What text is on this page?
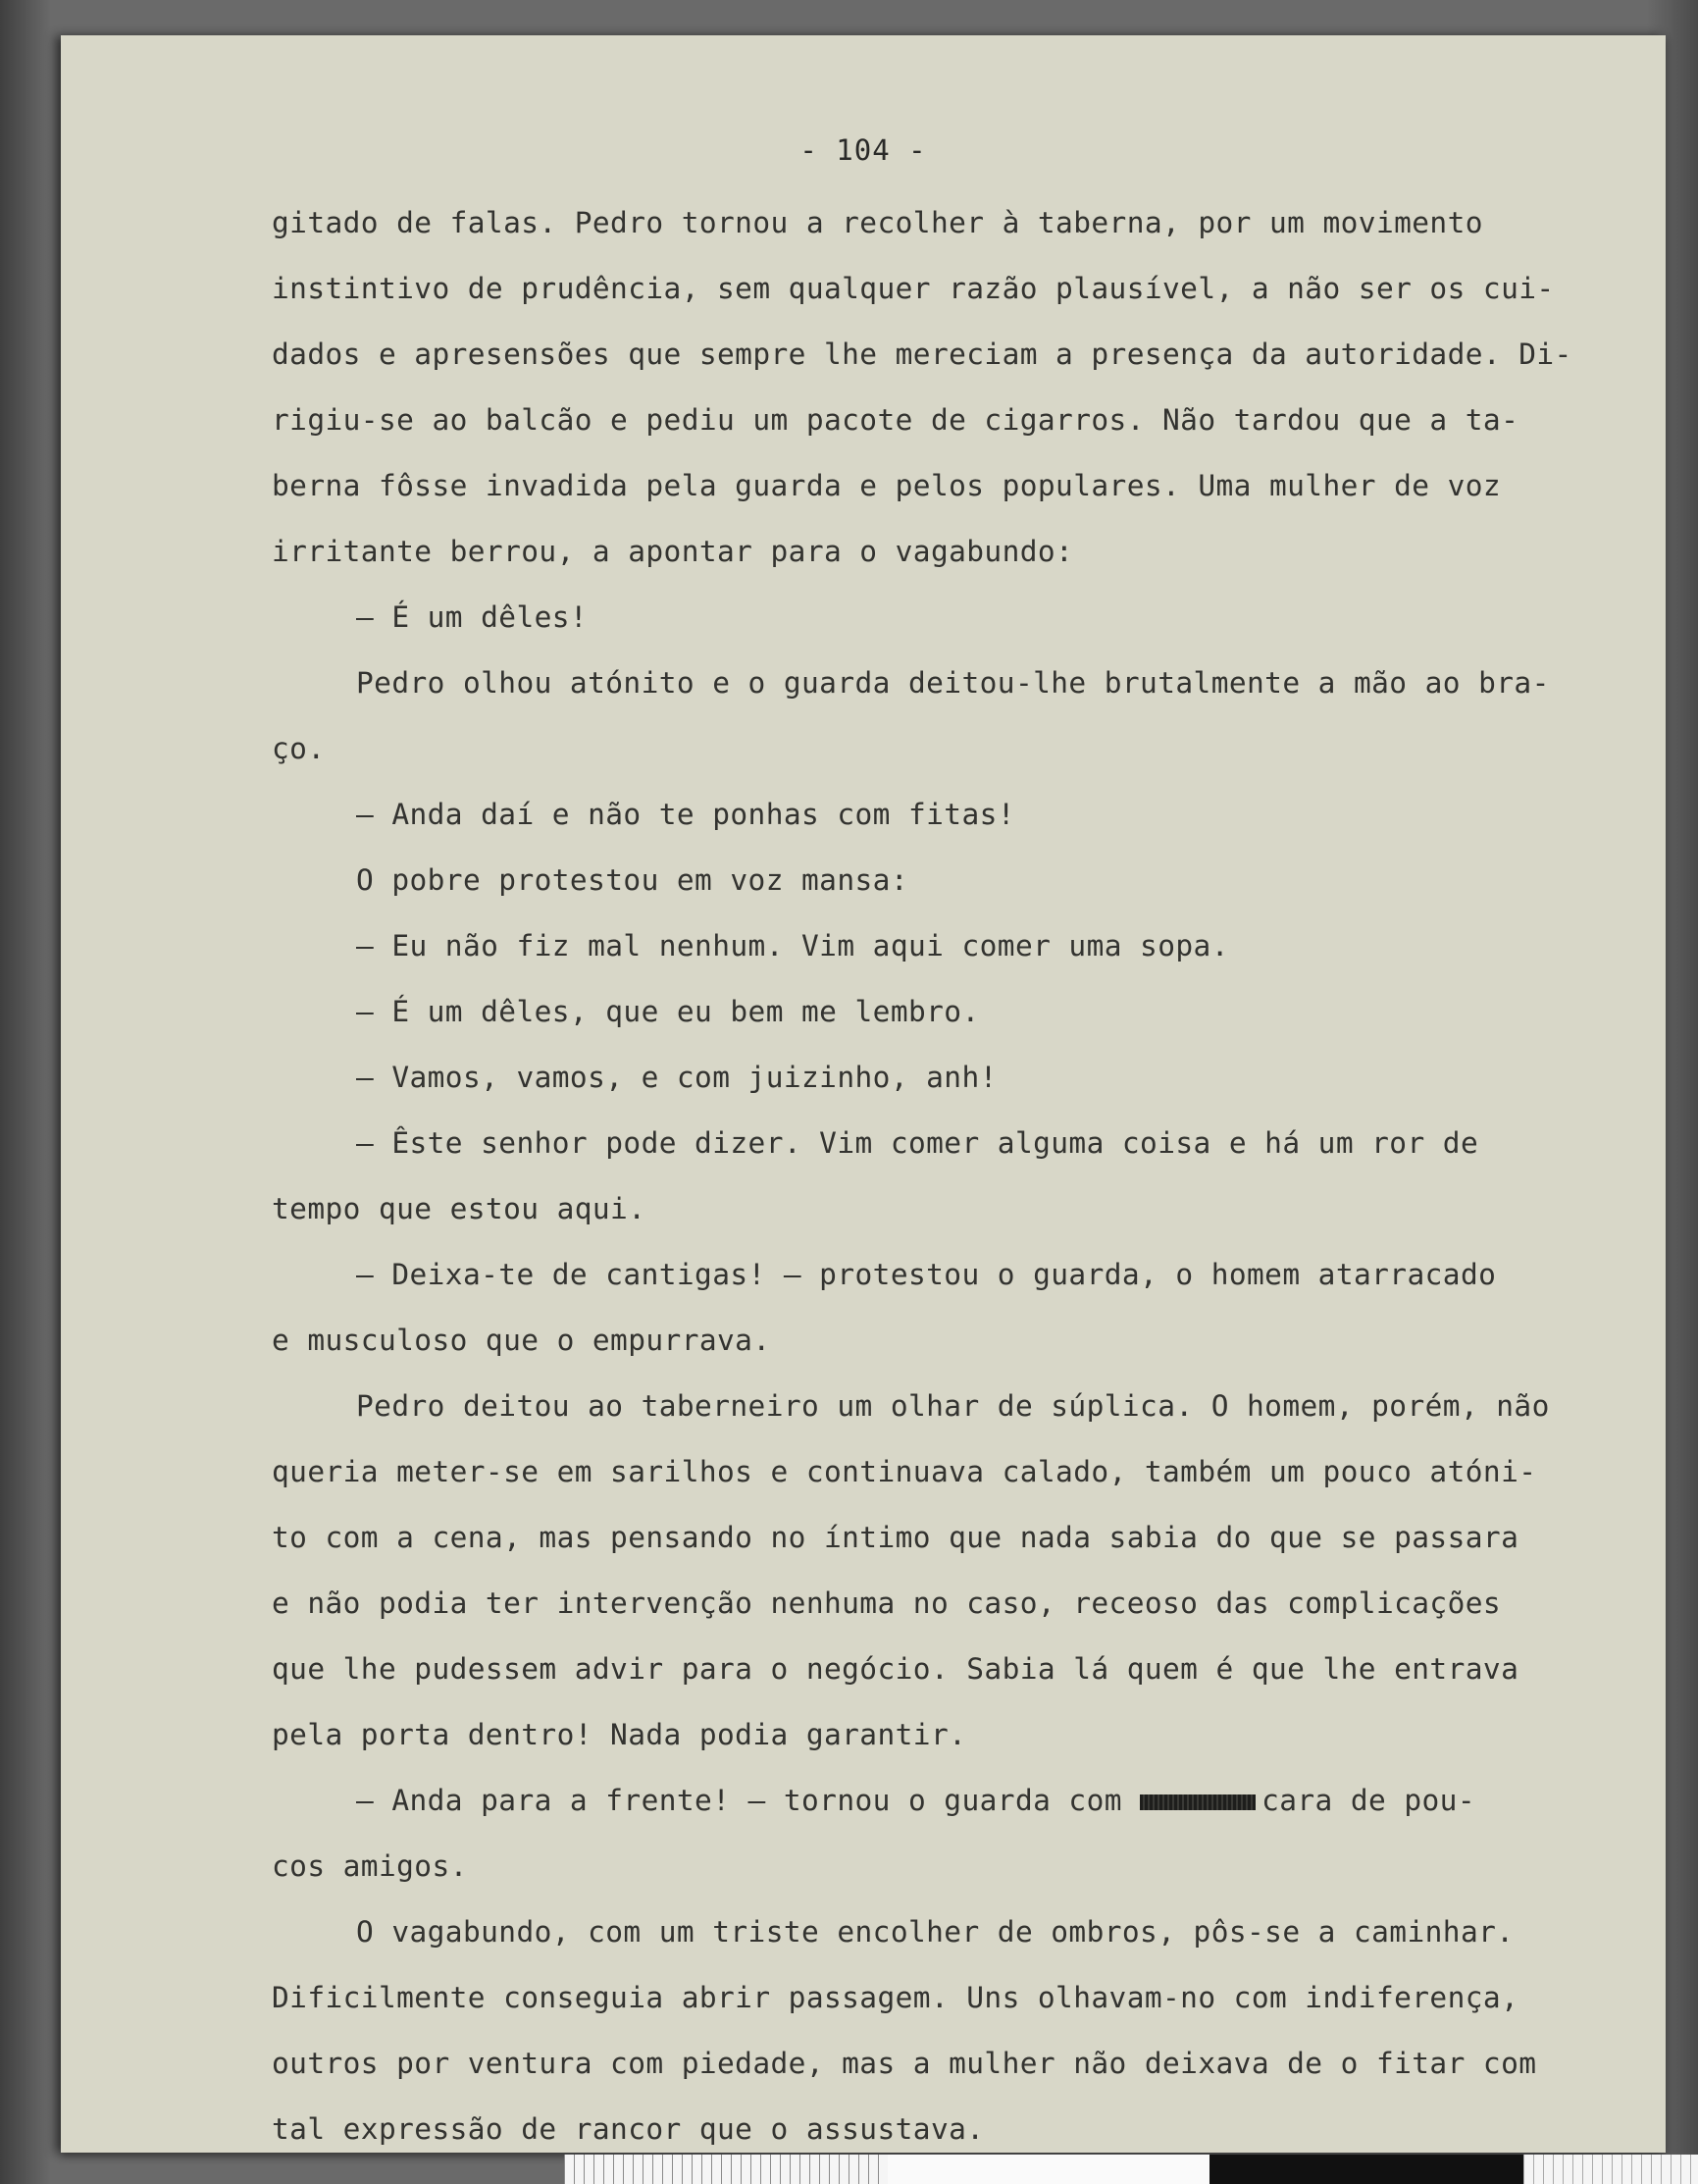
- 104 -
gitado de falas. Pedro tornou a recolher à taberna, por um movimento
instintivo de prudência, sem qualquer razão plausível, a não ser os cui-
dados e apresensões que sempre lhe mereciam a presença da autoridade. Di-
rigiu-se ao balcão e pediu um pacote de cigarros. Não tardou que a ta-
berna fôsse invadida pela guarda e pelos populares. Uma mulher de voz
irritante berrou, a apontar para o vagabundo:
— É um dêles!
Pedro olhou atónito e o guarda deitou-lhe brutalmente a mão ao bra-
ço.
— Anda daí e não te ponhas com fitas!
O pobre protestou em voz mansa:
— Eu não fiz mal nenhum. Vim aqui comer uma sopa.
— É um dêles, que eu bem me lembro.
— Vamos, vamos, e com juizinho, anh!
— Êste senhor pode dizer. Vim comer alguma coisa e há um ror de
tempo que estou aqui.
— Deixa-te de cantigas! — protestou o guarda, o homem atarracado
e musculoso que o empurrava.
Pedro deitou ao taberneiro um olhar de súplica. O homem, porém, não
queria meter-se em sarilhos e continuava calado, também um pouco atóni-
to com a cena, mas pensando no íntimo que nada sabia do que se passara
e não podia ter intervenção nenhuma no caso, receoso das complicações
que lhe pudessem advir para o negócio. Sabia lá quem é que lhe entrava
pela porta dentro! Nada podia garantir.
— Anda para a frente! — tornou o guarda com	cara de pou-
cos amigos.
O vagabundo, com um triste encolher de ombros, pôs-se a caminhar.
Dificilmente conseguia abrir passagem. Uns olhavam-no com indiferença,
outros por ventura com piedade, mas a mulher não deixava de o fitar com
tal expressão de rancor que o assustava.
